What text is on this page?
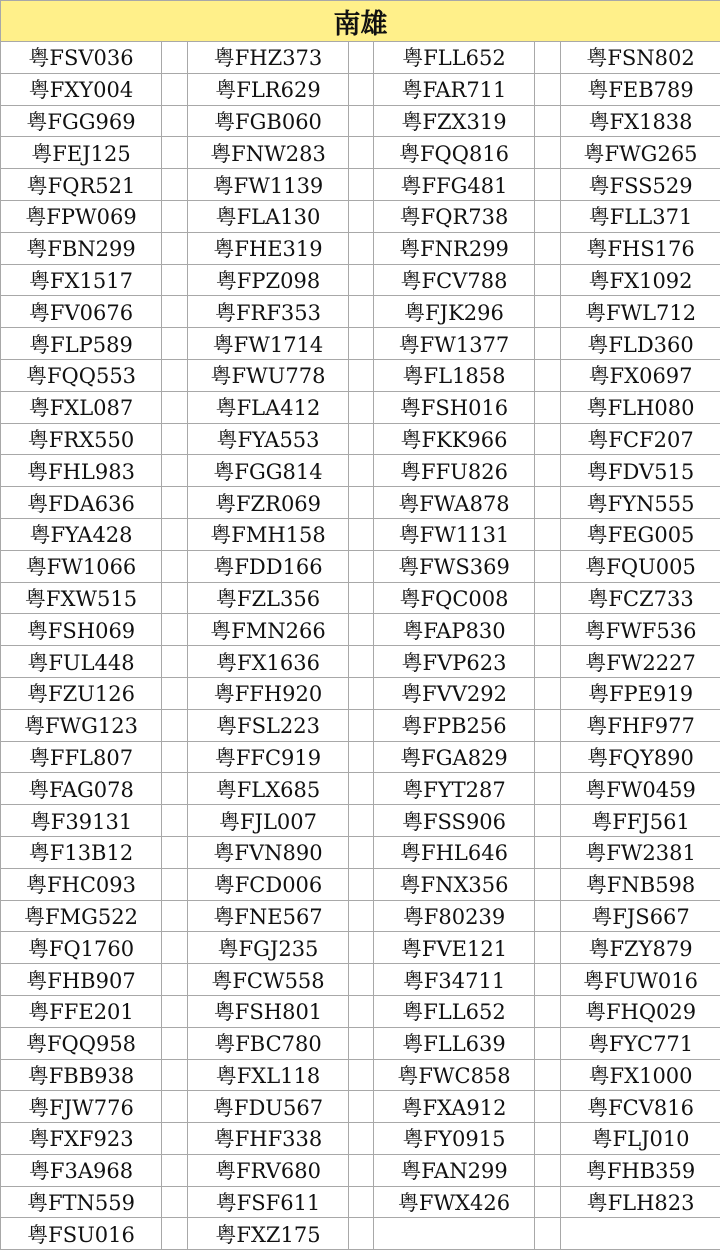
南雄						
粤FSV036		粤FHZ373		粤FLL652		粤FSN802
粤FXY004		粤FLR629		粤FAR711		粤FEB789
粤FGG969		粤FGB060		粤FZX319		粤FX1838
粤FEJ125		粤FNW283		粤FQQ816		粤FWG265
粤FQR521		粤FW1139		粤FFG481		粤FSS529
粤FPW069		粤FLA130		粤FQR738		粤FLL371
粤FBN299		粤FHE319		粤FNR299		粤FHS176
粤FX1517		粤FPZ098		粤FCV788		粤FX1092
粤FV0676		粤FRF353		粤FJK296		粤FWL712
粤FLP589		粤FW1714		粤FW1377		粤FLD360
粤FQQ553		粤FWU778		粤FL1858		粤FX0697
粤FXL087		粤FLA412		粤FSH016		粤FLH080
粤FRX550		粤FYA553		粤FKK966		粤FCF207
粤FHL983		粤FGG814		粤FFU826		粤FDV515
粤FDA636		粤FZR069		粤FWA878		粤FYN555
粤FYA428		粤FMH158		粤FW1131		粤FEG005
粤FW1066		粤FDD166		粤FWS369		粤FQU005
粤FXW515		粤FZL356		粤FQC008		粤FCZ733
粤FSH069		粤FMN266		粤FAP830		粤FWF536
粤FUL448		粤FX1636		粤FVP623		粤FW2227
粤FZU126		粤FFH920		粤FVV292		粤FPE919
粤FWG123		粤FSL223		粤FPB256		粤FHF977
粤FFL807		粤FFC919		粤FGA829		粤FQY890
粤FAG078		粤FLX685		粤FYT287		粤FW0459
粤F39131		粤FJL007		粤FSS906		粤FFJ561
粤F13B12		粤FVN890		粤FHL646		粤FW2381
粤FHC093		粤FCD006		粤FNX356		粤FNB598
粤FMG522		粤FNE567		粤F80239		粤FJS667
粤FQ1760		粤FGJ235		粤FVE121		粤FZY879
粤FHB907		粤FCW558		粤F34711		粤FUW016
粤FFE201		粤FSH801		粤FLL652		粤FHQ029
粤FQQ958		粤FBC780		粤FLL639		粤FYC771
粤FBB938		粤FXL118		粤FWC858		粤FX1000
粤FJW776		粤FDU567		粤FXA912		粤FCV816
粤FXF923		粤FHF338		粤FY0915		粤FLJ010
粤F3A968		粤FRV680		粤FAN299		粤FHB359
粤FTN559		粤FSF611		粤FWX426		粤FLH823
粤FSU016		粤FXZ175				
